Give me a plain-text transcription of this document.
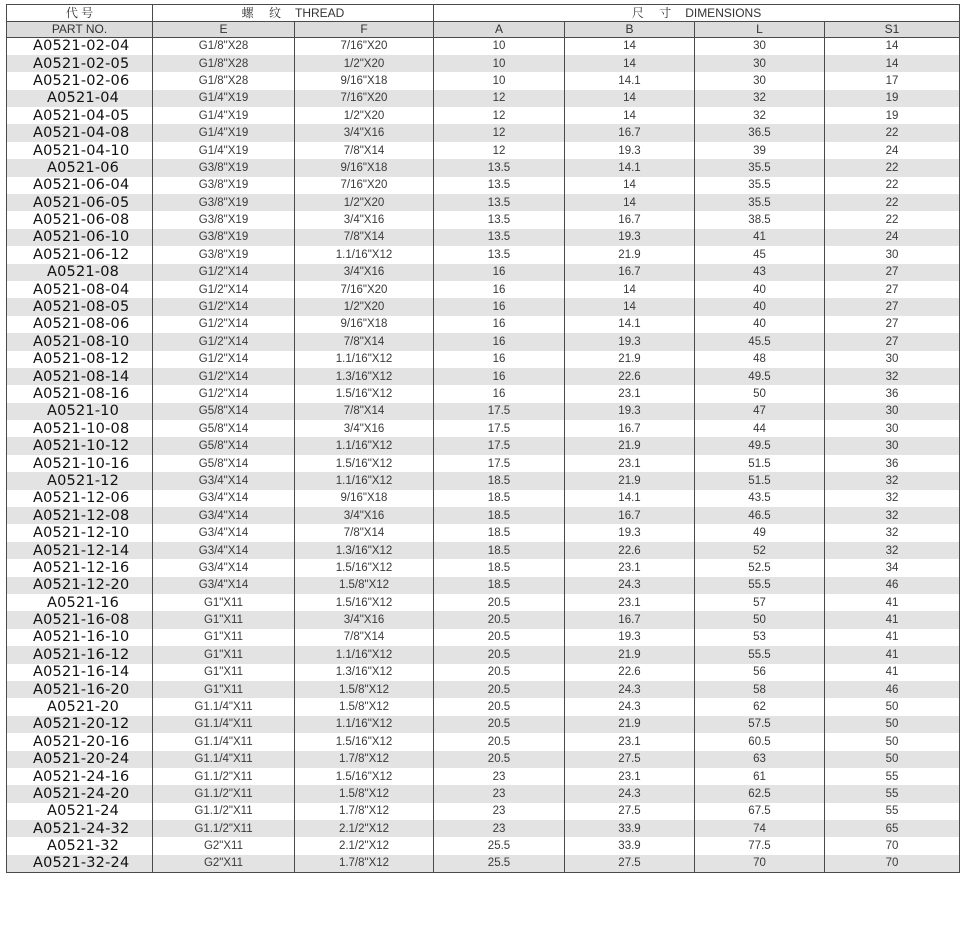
代 号	螺 纹 THREAD		尺 寸 DIMENSIONS			
PART NO.	E	F	A	B	L	S1
A0521-02-04	G1/8"X28	7/16"X20	10	14	30	14
A0521-02-05	G1/8"X28	1/2"X20	10	14	30	14
A0521-02-06	G1/8"X28	9/16"X18	10	14.1	30	17
A0521-04	G1/4"X19	7/16"X20	12	14	32	19
A0521-04-05	G1/4"X19	1/2"X20	12	14	32	19
A0521-04-08	G1/4"X19	3/4"X16	12	16.7	36.5	22
A0521-04-10	G1/4"X19	7/8"X14	12	19.3	39	24
A0521-06	G3/8"X19	9/16"X18	13.5	14.1	35.5	22
A0521-06-04	G3/8"X19	7/16"X20	13.5	14	35.5	22
A0521-06-05	G3/8"X19	1/2"X20	13.5	14	35.5	22
A0521-06-08	G3/8"X19	3/4"X16	13.5	16.7	38.5	22
A0521-06-10	G3/8"X19	7/8"X14	13.5	19.3	41	24
A0521-06-12	G3/8"X19	1.1/16"X12	13.5	21.9	45	30
A0521-08	G1/2"X14	3/4"X16	16	16.7	43	27
A0521-08-04	G1/2"X14	7/16"X20	16	14	40	27
A0521-08-05	G1/2"X14	1/2"X20	16	14	40	27
A0521-08-06	G1/2"X14	9/16"X18	16	14.1	40	27
A0521-08-10	G1/2"X14	7/8"X14	16	19.3	45.5	27
A0521-08-12	G1/2"X14	1.1/16"X12	16	21.9	48	30
A0521-08-14	G1/2"X14	1.3/16"X12	16	22.6	49.5	32
A0521-08-16	G1/2"X14	1.5/16"X12	16	23.1	50	36
A0521-10	G5/8"X14	7/8"X14	17.5	19.3	47	30
A0521-10-08	G5/8"X14	3/4"X16	17.5	16.7	44	30
A0521-10-12	G5/8"X14	1.1/16"X12	17.5	21.9	49.5	30
A0521-10-16	G5/8"X14	1.5/16"X12	17.5	23.1	51.5	36
A0521-12	G3/4"X14	1.1/16"X12	18.5	21.9	51.5	32
A0521-12-06	G3/4"X14	9/16"X18	18.5	14.1	43.5	32
A0521-12-08	G3/4"X14	3/4"X16	18.5	16.7	46.5	32
A0521-12-10	G3/4"X14	7/8"X14	18.5	19.3	49	32
A0521-12-14	G3/4"X14	1.3/16"X12	18.5	22.6	52	32
A0521-12-16	G3/4"X14	1.5/16"X12	18.5	23.1	52.5	34
A0521-12-20	G3/4"X14	1.5/8"X12	18.5	24.3	55.5	46
A0521-16	G1"X11	1.5/16"X12	20.5	23.1	57	41
A0521-16-08	G1"X11	3/4"X16	20.5	16.7	50	41
A0521-16-10	G1"X11	7/8"X14	20.5	19.3	53	41
A0521-16-12	G1"X11	1.1/16"X12	20.5	21.9	55.5	41
A0521-16-14	G1"X11	1.3/16"X12	20.5	22.6	56	41
A0521-16-20	G1"X11	1.5/8"X12	20.5	24.3	58	46
A0521-20	G1.1/4"X11	1.5/8"X12	20.5	24.3	62	50
A0521-20-12	G1.1/4"X11	1.1/16"X12	20.5	21.9	57.5	50
A0521-20-16	G1.1/4"X11	1.5/16"X12	20.5	23.1	60.5	50
A0521-20-24	G1.1/4"X11	1.7/8"X12	20.5	27.5	63	50
A0521-24-16	G1.1/2"X11	1.5/16"X12	23	23.1	61	55
A0521-24-20	G1.1/2"X11	1.5/8"X12	23	24.3	62.5	55
A0521-24	G1.1/2"X11	1.7/8"X12	23	27.5	67.5	55
A0521-24-32	G1.1/2"X11	2.1/2"X12	23	33.9	74	65
A0521-32	G2"X11	2.1/2"X12	25.5	33.9	77.5	70
A0521-32-24	G2"X11	1.7/8"X12	25.5	27.5	70	70
